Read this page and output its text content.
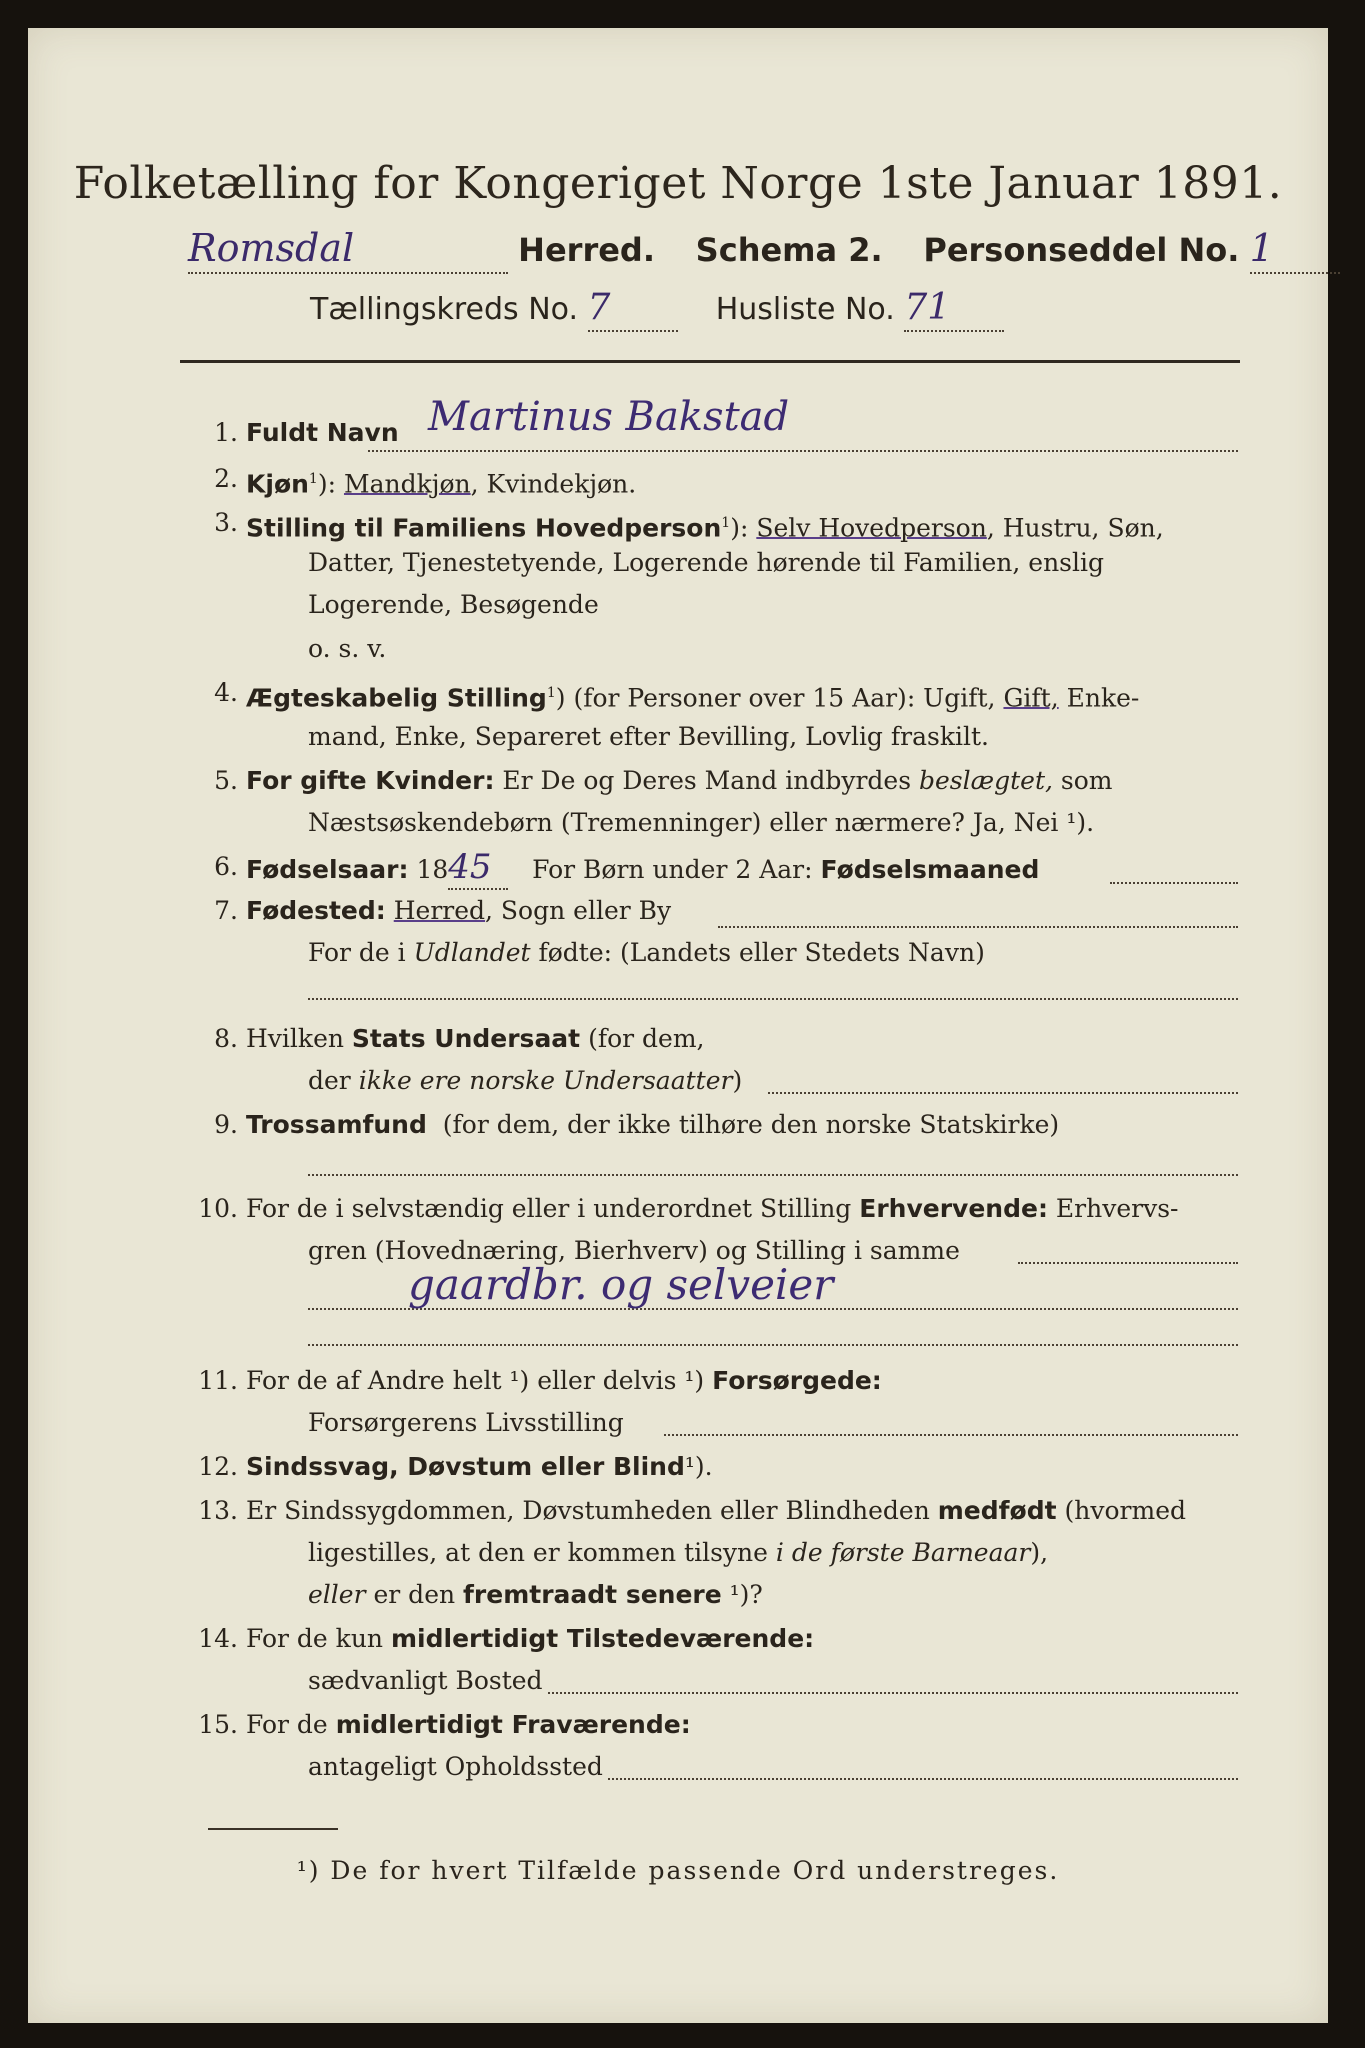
Folketælling for Kongeriget Norge 1ste Januar 1891.
Romsdal	Herred. Schema 2. Personseddel No. 1
Tællingskreds No. 7	Husliste No. 71
1. Fuldt Navn Martinus Bakstad
2. Kjøn$^1$): Mandkjøn, Kvindekjøn.
3. Stilling til Familiens Hovedperson$^1$): Selv Hovedperson, Hustru, Søn,
Datter, Tjenestetyende, Logerende hørende til Familien, enslig
Logerende, Besøgende
o. s. v.
4. Ægteskabelig Stilling$^1$) (for Personer over 15 Aar): Ugift, Gift, Enke-
mand, Enke, Separeret efter Bevilling, Lovlig fraskilt.
5. For gifte Kvinder: Er De og Deres Mand indbyrdes beslægtet, som
Næstsøskendebørn (Tremenninger) eller nærmere? Ja, Nei ¹).
6. Fødselsaar: 1845 For Børn under 2 Aar: Fødselsmaaned
7. Fødested: Herred, Sogn eller By
For de i Udlandet fødte: (Landets eller Stedets Navn)
8. Hvilken Stats Undersaat (for dem,
der ikke ere norske Undersaatter)
9. Trossamfund (for dem, der ikke tilhøre den norske Statskirke)
10. For de i selvstændig eller i underordnet Stilling Erhvervende: Erhvervs-
gren (Hovednæring, Bierhverv) og Stilling i samme
gaardbr. og selveier
11. For de af Andre helt ¹) eller delvis ¹) Forsørgede:
Forsørgerens Livsstilling
12. Sindssvag, Døvstum eller Blind¹).
13. Er Sindssygdommen, Døvstumheden eller Blindheden medfødt (hvormed
ligestilles, at den er kommen tilsyne i de første Barneaar),
eller er den fremtraadt senere ¹)?
14. For de kun midlertidigt Tilstedeværende:
sædvanligt Bosted
15. For de midlertidigt Fraværende:
antageligt Opholdssted
¹) De for hvert Tilfælde passende Ord understreges.
